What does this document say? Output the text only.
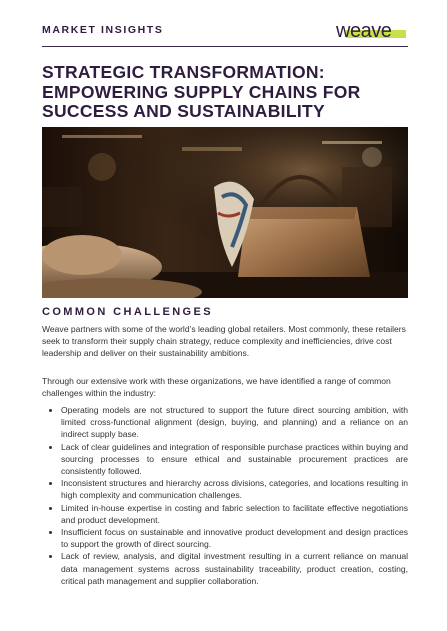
MARKET INSIGHTS	weave
STRATEGIC TRANSFORMATION: EMPOWERING SUPPLY CHAINS FOR SUCCESS AND SUSTAINABILITY
COMMON CHALLENGES

Weave partners with some of the world’s leading global retailers. Most commonly, these retailers seek to transform their supply chain strategy, reduce complexity and inefficiencies, drive cost leadership and deliver on their sustainability ambitions.

Through our extensive work with these organizations, we have identified a range of common challenges within the industry:

Operating models are not structured to support the future direct sourcing ambition, with limited cross-functional alignment (design, buying, and planning) and a reliance on an indirect supply base.
Lack of clear guidelines and integration of responsible purchase practices within buying and sourcing processes to ensure ethical and sustainable procurement practices are consistently followed.
Inconsistent structures and hierarchy across divisions, categories, and locations resulting in high complexity and communication challenges.
Limited in-house expertise in costing and fabric selection to facilitate effective negotiations and product development.
Insufficient focus on sustainable and innovative product development and design practices to support the growth of direct sourcing.
Lack of review, analysis, and digital investment resulting in a current reliance on manual data management systems across sustainability traceability, product creation, costing, critical path management and supplier collaboration.
